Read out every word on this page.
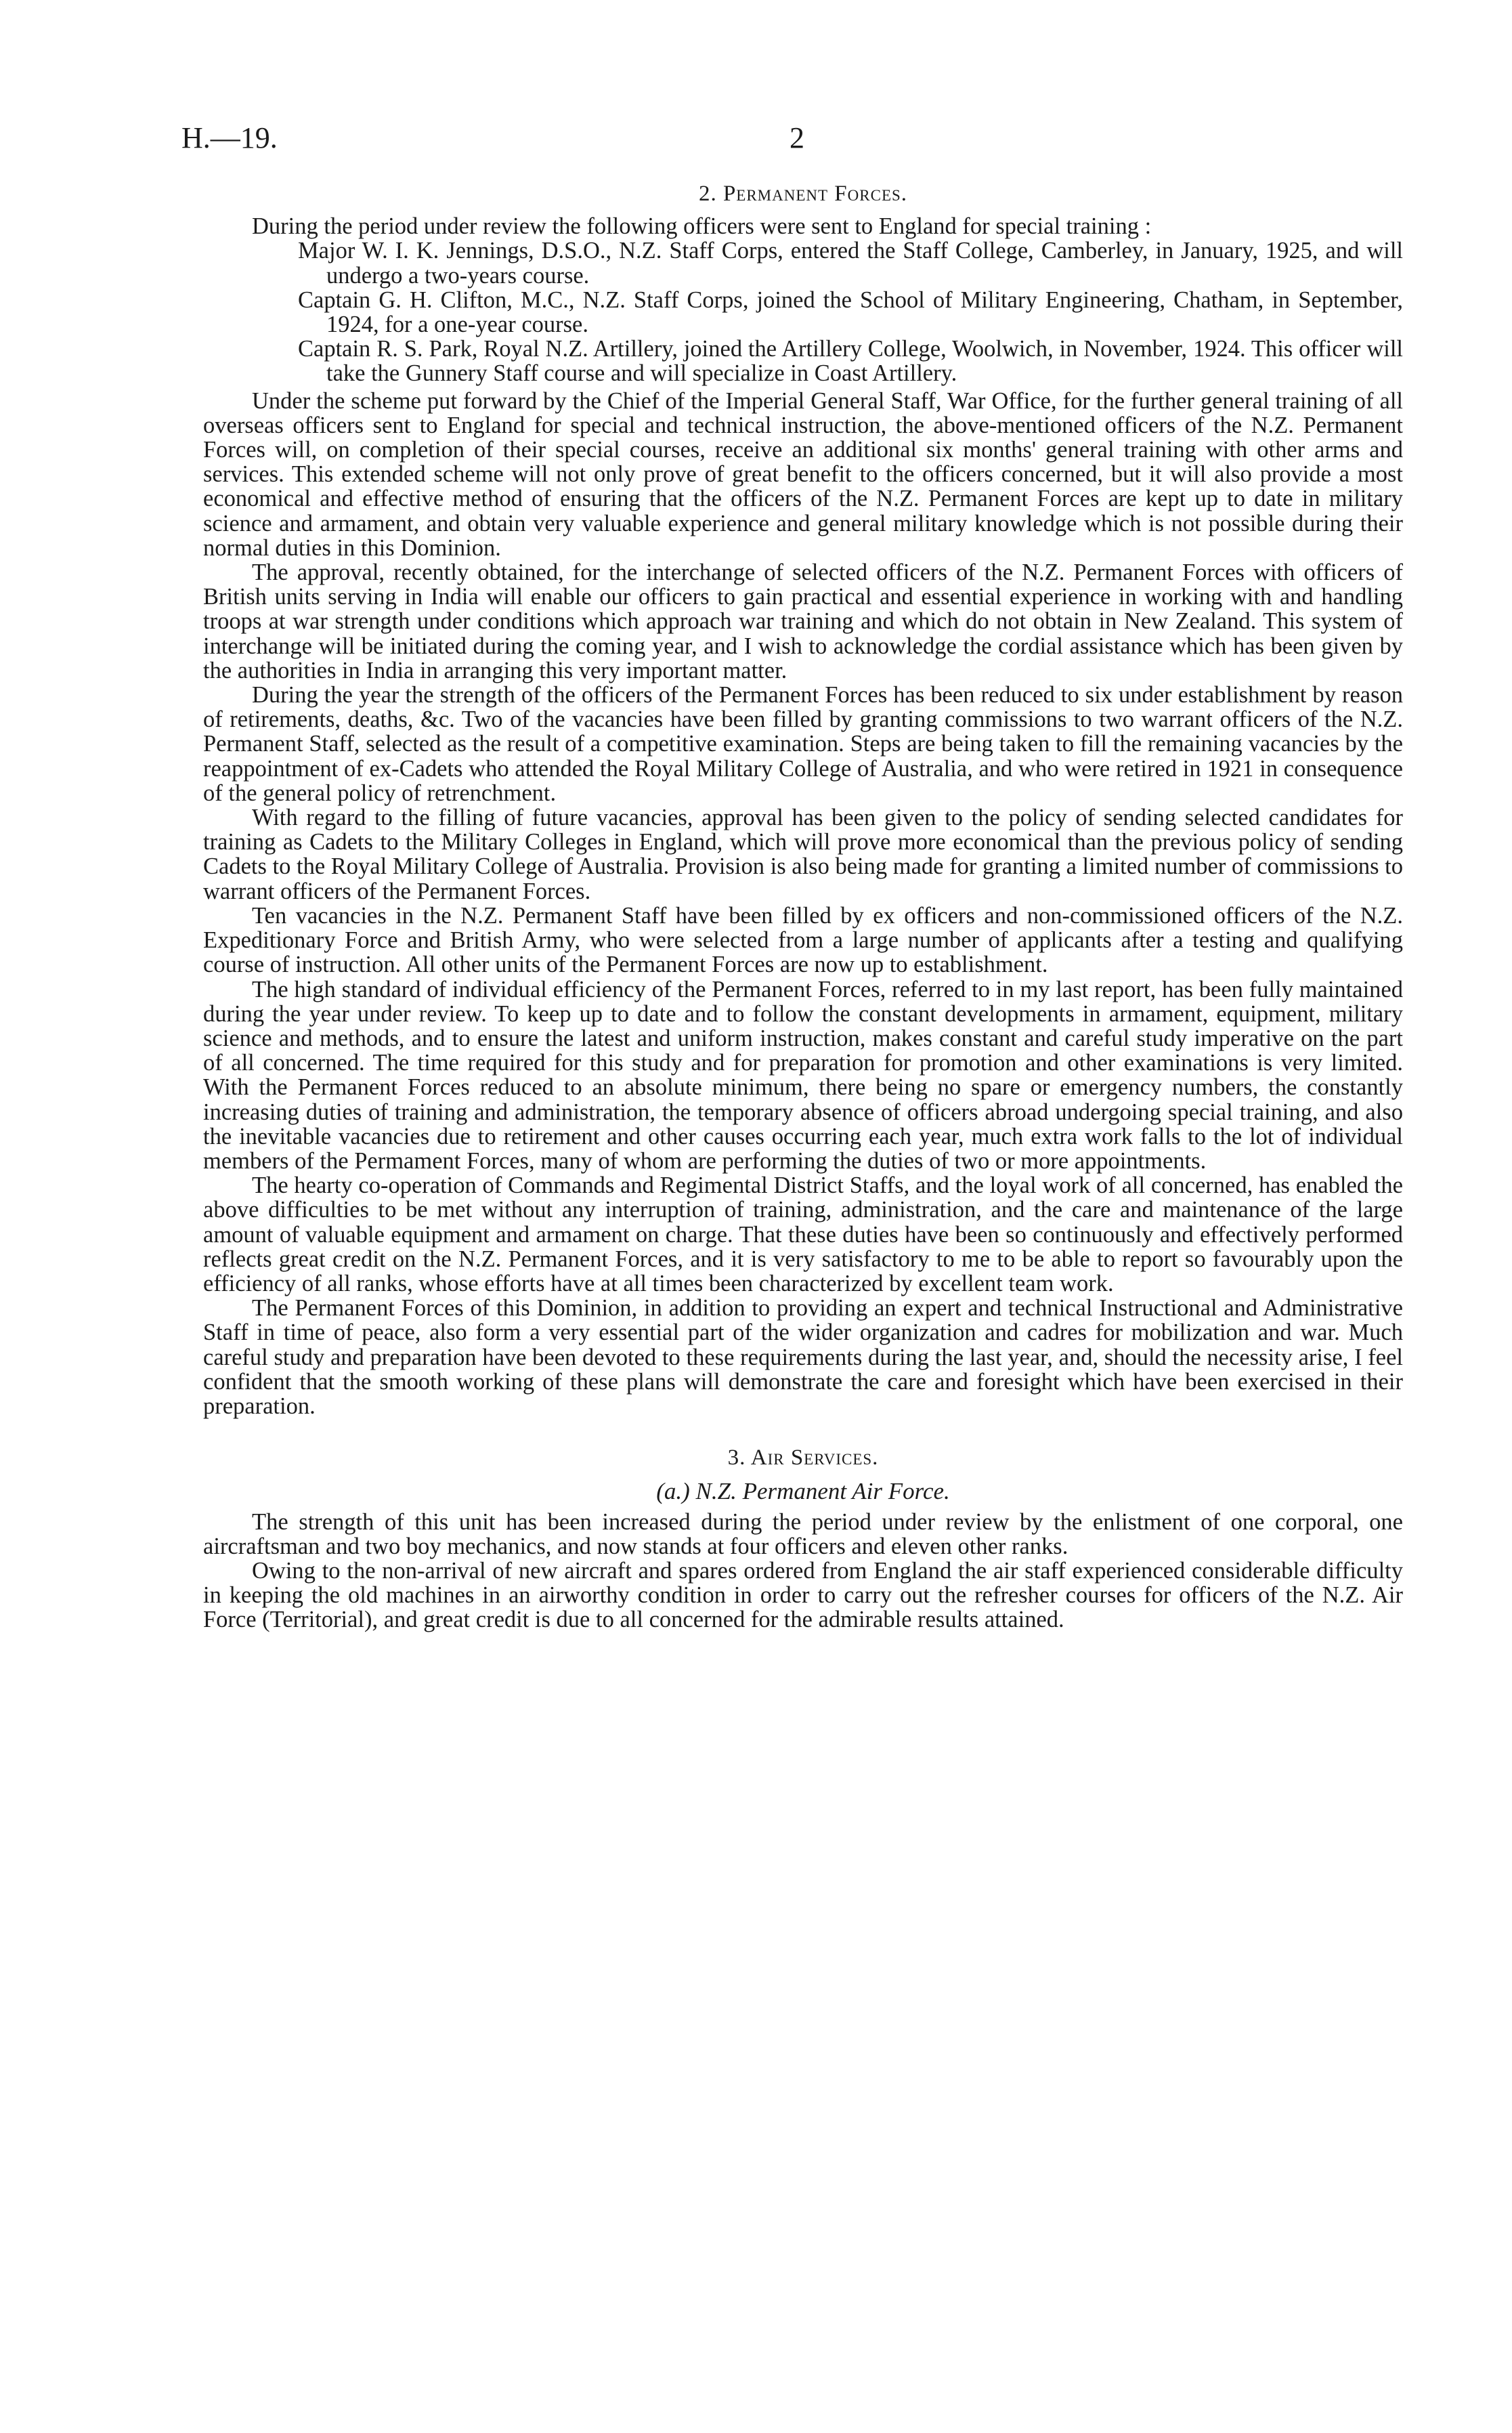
H.—19.	2
2. Permanent Forces.

During the period under review the following officers were sent to England for special training :

Major W. I. K. Jennings, D.S.O., N.Z. Staff Corps, entered the Staff College, Camberley, in January, 1925, and will undergo a two-years course.
Captain G. H. Clifton, M.C., N.Z. Staff Corps, joined the School of Military Engineering, Chatham, in September, 1924, for a one-year course.
Captain R. S. Park, Royal N.Z. Artillery, joined the Artillery College, Woolwich, in November, 1924. This officer will take the Gunnery Staff course and will specialize in Coast Artillery.

Under the scheme put forward by the Chief of the Imperial General Staff, War Office, for the further general training of all overseas officers sent to England for special and technical instruction, the above-mentioned officers of the N.Z. Permanent Forces will, on completion of their special courses, receive an additional six months' general training with other arms and services. This extended scheme will not only prove of great benefit to the officers concerned, but it will also provide a most economical and effective method of ensuring that the officers of the N.Z. Permanent Forces are kept up to date in military science and armament, and obtain very valuable experience and general military knowledge which is not possible during their normal duties in this Dominion.

The approval, recently obtained, for the interchange of selected officers of the N.Z. Permanent Forces with officers of British units serving in India will enable our officers to gain practical and essential experience in working with and handling troops at war strength under conditions which approach war training and which do not obtain in New Zealand. This system of interchange will be initiated during the coming year, and I wish to acknowledge the cordial assistance which has been given by the authorities in India in arranging this very important matter.

During the year the strength of the officers of the Permanent Forces has been reduced to six under establishment by reason of retirements, deaths, &c. Two of the vacancies have been filled by granting commissions to two warrant officers of the N.Z. Permanent Staff, selected as the result of a competitive examination. Steps are being taken to fill the remaining vacancies by the reappointment of ex-Cadets who attended the Royal Military College of Australia, and who were retired in 1921 in consequence of the general policy of retrenchment.

With regard to the filling of future vacancies, approval has been given to the policy of sending selected candidates for training as Cadets to the Military Colleges in England, which will prove more economical than the previous policy of sending Cadets to the Royal Military College of Australia. Provision is also being made for granting a limited number of commissions to warrant officers of the Permanent Forces.

Ten vacancies in the N.Z. Permanent Staff have been filled by ex officers and non-commissioned officers of the N.Z. Expeditionary Force and British Army, who were selected from a large number of applicants after a testing and qualifying course of instruction. All other units of the Permanent Forces are now up to establishment.

The high standard of individual efficiency of the Permanent Forces, referred to in my last report, has been fully maintained during the year under review. To keep up to date and to follow the constant developments in armament, equipment, military science and methods, and to ensure the latest and uniform instruction, makes constant and careful study imperative on the part of all concerned. The time required for this study and for preparation for promotion and other examinations is very limited. With the Permanent Forces reduced to an absolute minimum, there being no spare or emergency numbers, the constantly increasing duties of training and administration, the temporary absence of officers abroad undergoing special training, and also the inevitable vacancies due to retirement and other causes occurring each year, much extra work falls to the lot of individual members of the Permament Forces, many of whom are performing the duties of two or more appointments.

The hearty co-operation of Commands and Regimental District Staffs, and the loyal work of all concerned, has enabled the above difficulties to be met without any interruption of training, administration, and the care and maintenance of the large amount of valuable equipment and armament on charge. That these duties have been so continuously and effectively performed reflects great credit on the N.Z. Permanent Forces, and it is very satisfactory to me to be able to report so favourably upon the efficiency of all ranks, whose efforts have at all times been characterized by excellent team work.

The Permanent Forces of this Dominion, in addition to providing an expert and technical Instructional and Administrative Staff in time of peace, also form a very essential part of the wider organization and cadres for mobilization and war. Much careful study and preparation have been devoted to these requirements during the last year, and, should the necessity arise, I feel confident that the smooth working of these plans will demonstrate the care and foresight which have been exercised in their preparation.

3. Air Services.
(a.) N.Z. Permanent Air Force.

The strength of this unit has been increased during the period under review by the enlistment of one corporal, one aircraftsman and two boy mechanics, and now stands at four officers and eleven other ranks.

Owing to the non-arrival of new aircraft and spares ordered from England the air staff experienced considerable difficulty in keeping the old machines in an airworthy condition in order to carry out the refresher courses for officers of the N.Z. Air Force (Territorial), and great credit is due to all concerned for the admirable results attained.
